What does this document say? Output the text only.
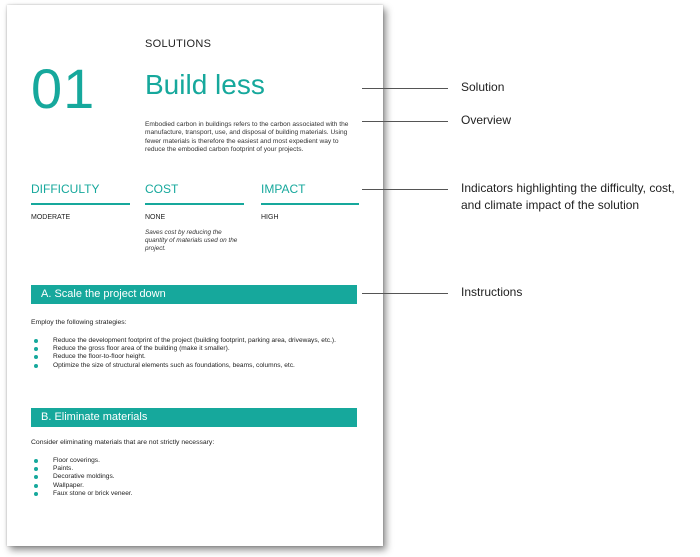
SOLUTIONS
01 Build less
Embodied carbon in buildings refers to the carbon associated with the manufacture, transport, use, and disposal of building materials. Using fewer materials is therefore the easiest and most expedient way to reduce the embodied carbon footprint of your projects.
DIFFICULTY	COST	IMPACT
MODERATE	NONE	HIGH
Saves cost by reducing the quantity of materials used on the project.
A. Scale the project down
Employ the following strategies:
Reduce the development footprint of the project (building footprint, parking area, driveways, etc.).
Reduce the gross floor area of the building (make it smaller).
Reduce the floor-to-floor height.
Optimize the size of structural elements such as foundations, beams, columns, etc.
B. Eliminate materials
Consider eliminating materials that are not strictly necessary:
Floor coverings.
Paints.
Decorative moldings.
Wallpaper.
Faux stone or brick veneer.
Solution
Overview
Indicators highlighting the difficulty, cost, and climate impact of the solution
Instructions
